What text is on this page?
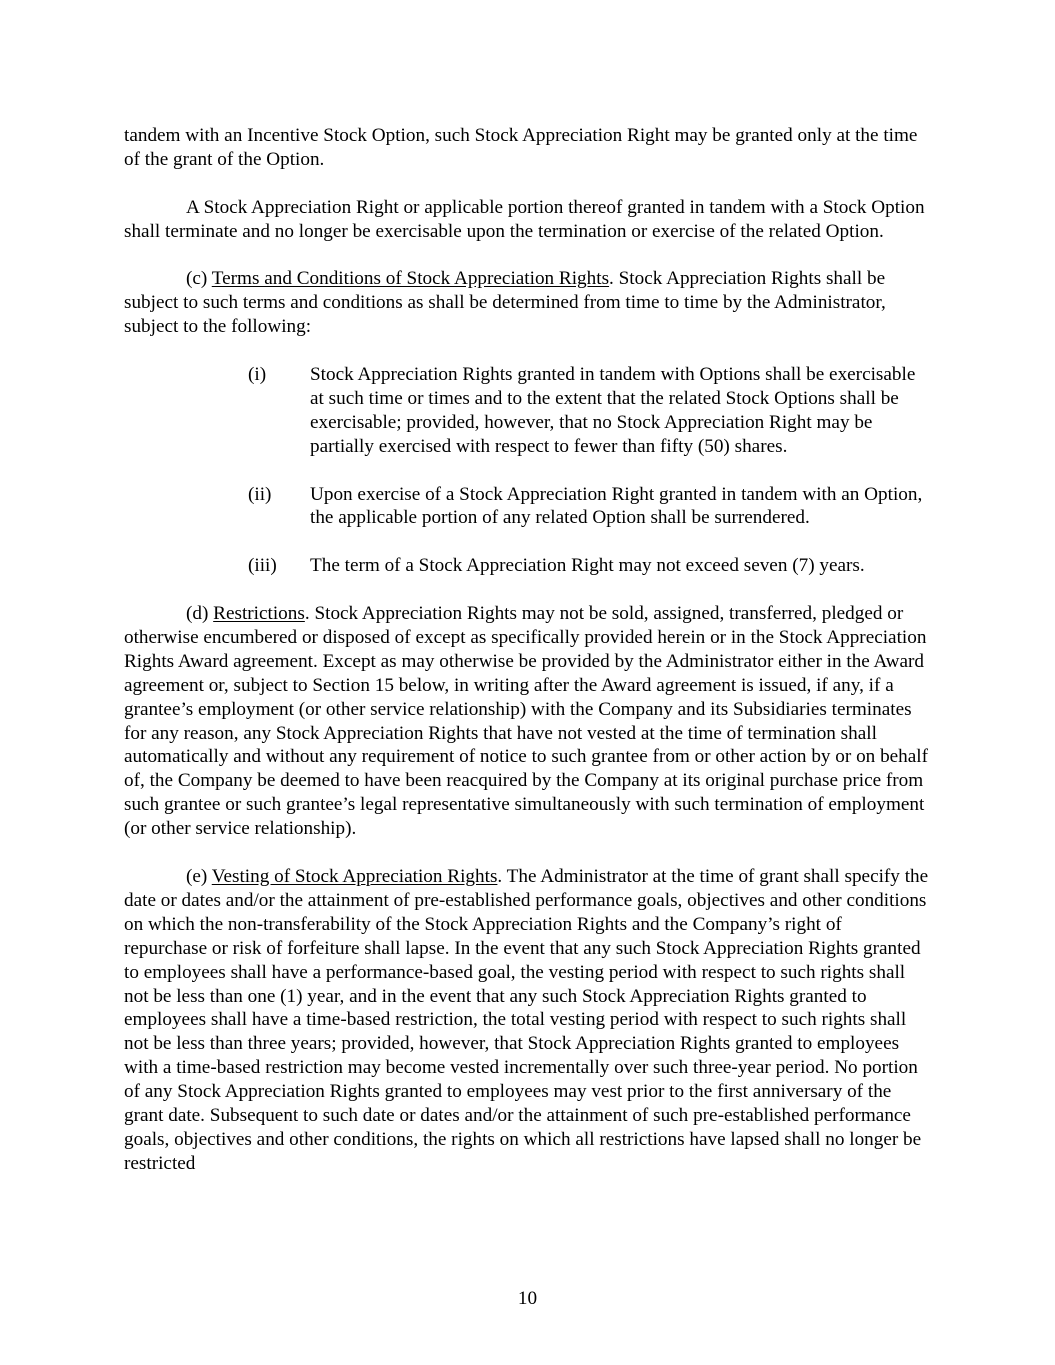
tandem with an Incentive Stock Option, such Stock Appreciation Right may be granted only at the time of the grant of the Option.

A Stock Appreciation Right or applicable portion thereof granted in tandem with a Stock Option shall terminate and no longer be exercisable upon the termination or exercise of the related Option.

(c) Terms and Conditions of Stock Appreciation Rights. Stock Appreciation Rights shall be subject to such terms and conditions as shall be determined from time to time by the Administrator, subject to the following:

(i)	Stock Appreciation Rights granted in tandem with Options shall be exercisable at such time or times and to the extent that the related Stock Options shall be exercisable; provided, however, that no Stock Appreciation Right may be partially exercised with respect to fewer than fifty (50) shares.
(ii)	Upon exercise of a Stock Appreciation Right granted in tandem with an Option, the applicable portion of any related Option shall be surrendered.
(iii)	The term of a Stock Appreciation Right may not exceed seven (7) years.

(d) Restrictions. Stock Appreciation Rights may not be sold, assigned, transferred, pledged or otherwise encumbered or disposed of except as specifically provided herein or in the Stock Appreciation Rights Award agreement. Except as may otherwise be provided by the Administrator either in the Award agreement or, subject to Section 15 below, in writing after the Award agreement is issued, if any, if a grantee’s employment (or other service relationship) with the Company and its Subsidiaries terminates for any reason, any Stock Appreciation Rights that have not vested at the time of termination shall automatically and without any requirement of notice to such grantee from or other action by or on behalf of, the Company be deemed to have been reacquired by the Company at its original purchase price from such grantee or such grantee’s legal representative simultaneously with such termination of employment (or other service relationship).

(e) Vesting of Stock Appreciation Rights. The Administrator at the time of grant shall specify the date or dates and/or the attainment of pre-established performance goals, objectives and other conditions on which the non-transferability of the Stock Appreciation Rights and the Company’s right of repurchase or risk of forfeiture shall lapse. In the event that any such Stock Appreciation Rights granted to employees shall have a performance-based goal, the vesting period with respect to such rights shall not be less than one (1) year, and in the event that any such Stock Appreciation Rights granted to employees shall have a time-based restriction, the total vesting period with respect to such rights shall not be less than three years; provided, however, that Stock Appreciation Rights granted to employees with a time-based restriction may become vested incrementally over such three-year period. No portion of any Stock Appreciation Rights granted to employees may vest prior to the first anniversary of the grant date. Subsequent to such date or dates and/or the attainment of such pre-established performance goals, objectives and other conditions, the rights on which all restrictions have lapsed shall no longer be restricted

10
